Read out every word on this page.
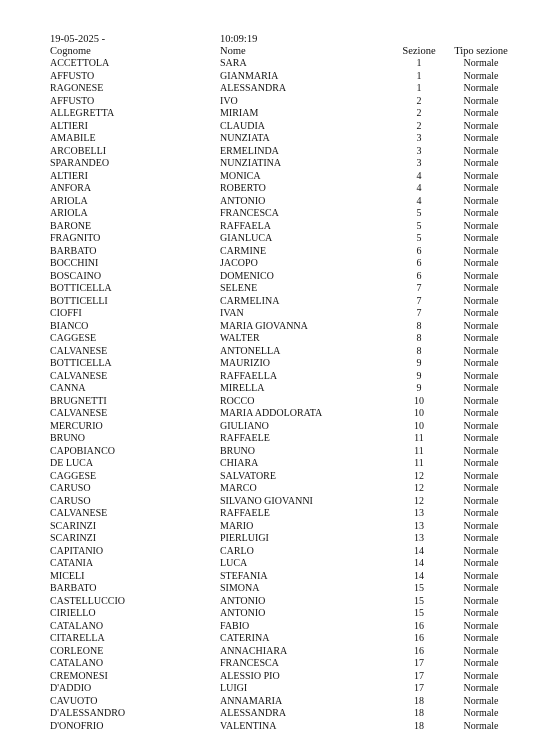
19-05-2025 -	10:09:19
Cognome	Nome	Sezione	Tipo sezione
ACCETTOLA	SARA	1	Normale
AFFUSTO	GIANMARIA	1	Normale
RAGONESE	ALESSANDRA	1	Normale
AFFUSTO	IVO	2	Normale
ALLEGRETTA	MIRIAM	2	Normale
ALTIERI	CLAUDIA	2	Normale
AMABILE	NUNZIATA	3	Normale
ARCOBELLI	ERMELINDA	3	Normale
SPARANDEO	NUNZIATINA	3	Normale
ALTIERI	MONICA	4	Normale
ANFORA	ROBERTO	4	Normale
ARIOLA	ANTONIO	4	Normale
ARIOLA	FRANCESCA	5	Normale
BARONE	RAFFAELA	5	Normale
FRAGNITO	GIANLUCA	5	Normale
BARBATO	CARMINE	6	Normale
BOCCHINI	JACOPO	6	Normale
BOSCAINO	DOMENICO	6	Normale
BOTTICELLA	SELENE	7	Normale
BOTTICELLI	CARMELINA	7	Normale
CIOFFI	IVAN	7	Normale
BIANCO	MARIA GIOVANNA	8	Normale
CAGGESE	WALTER	8	Normale
CALVANESE	ANTONELLA	8	Normale
BOTTICELLA	MAURIZIO	9	Normale
CALVANESE	RAFFAELLA	9	Normale
CANNA	MIRELLA	9	Normale
BRUGNETTI	ROCCO	10	Normale
CALVANESE	MARIA ADDOLORATA	10	Normale
MERCURIO	GIULIANO	10	Normale
BRUNO	RAFFAELE	11	Normale
CAPOBIANCO	BRUNO	11	Normale
DE LUCA	CHIARA	11	Normale
CAGGESE	SALVATORE	12	Normale
CARUSO	MARCO	12	Normale
CARUSO	SILVANO GIOVANNI	12	Normale
CALVANESE	RAFFAELE	13	Normale
SCARINZI	MARIO	13	Normale
SCARINZI	PIERLUIGI	13	Normale
CAPITANIO	CARLO	14	Normale
CATANIA	LUCA	14	Normale
MICELI	STEFANIA	14	Normale
BARBATO	SIMONA	15	Normale
CASTELLUCCIO	ANTONIO	15	Normale
CIRIELLO	ANTONIO	15	Normale
CATALANO	FABIO	16	Normale
CITARELLA	CATERINA	16	Normale
CORLEONE	ANNACHIARA	16	Normale
CATALANO	FRANCESCA	17	Normale
CREMONESI	ALESSIO PIO	17	Normale
D'ADDIO	LUIGI	17	Normale
CAVUOTO	ANNAMARIA	18	Normale
D'ALESSANDRO	ALESSANDRA	18	Normale
D'ONOFRIO	VALENTINA	18	Normale
